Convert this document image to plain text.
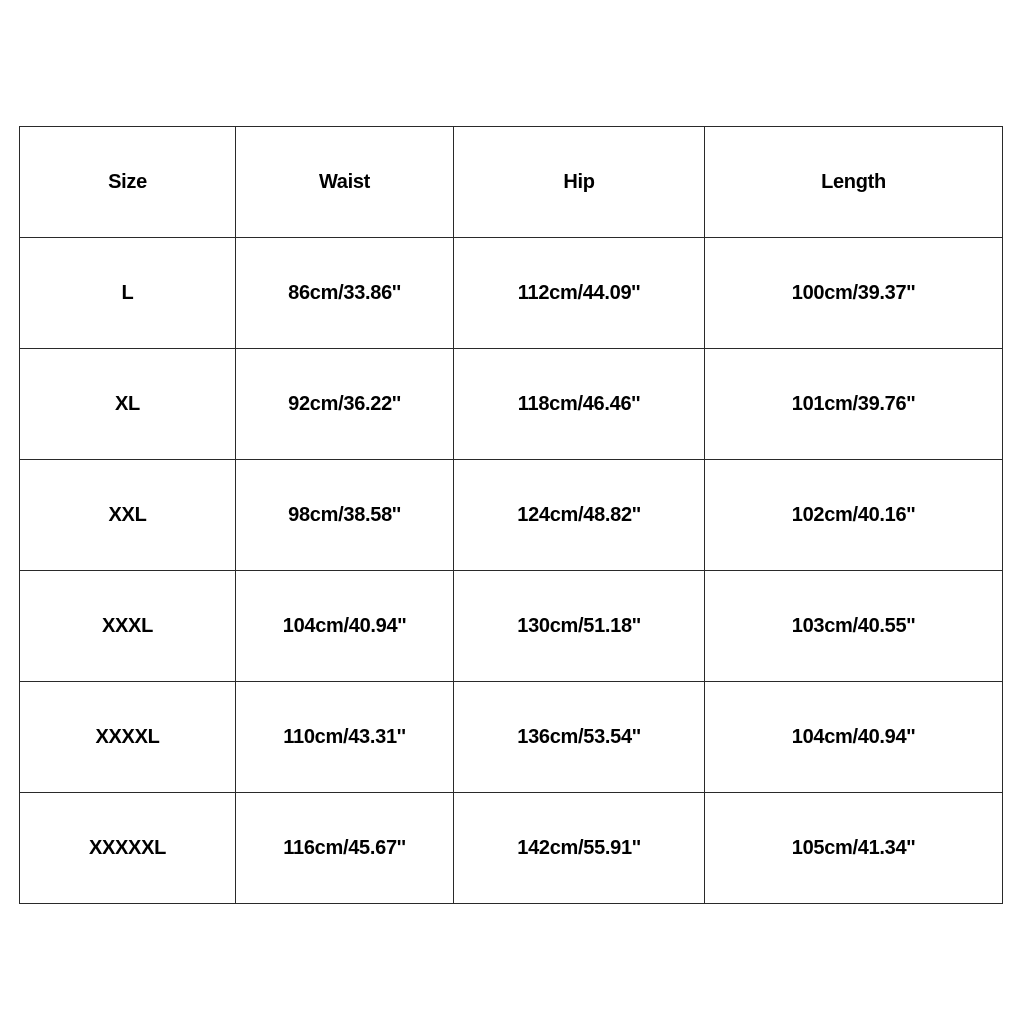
Size	Waist	Hip	Length
L	86cm/33.86''	112cm/44.09''	100cm/39.37''
XL	92cm/36.22''	118cm/46.46''	101cm/39.76''
XXL	98cm/38.58''	124cm/48.82''	102cm/40.16''
XXXL	104cm/40.94''	130cm/51.18''	103cm/40.55''
XXXXL	110cm/43.31''	136cm/53.54''	104cm/40.94''
XXXXXL	116cm/45.67''	142cm/55.91''	105cm/41.34''
